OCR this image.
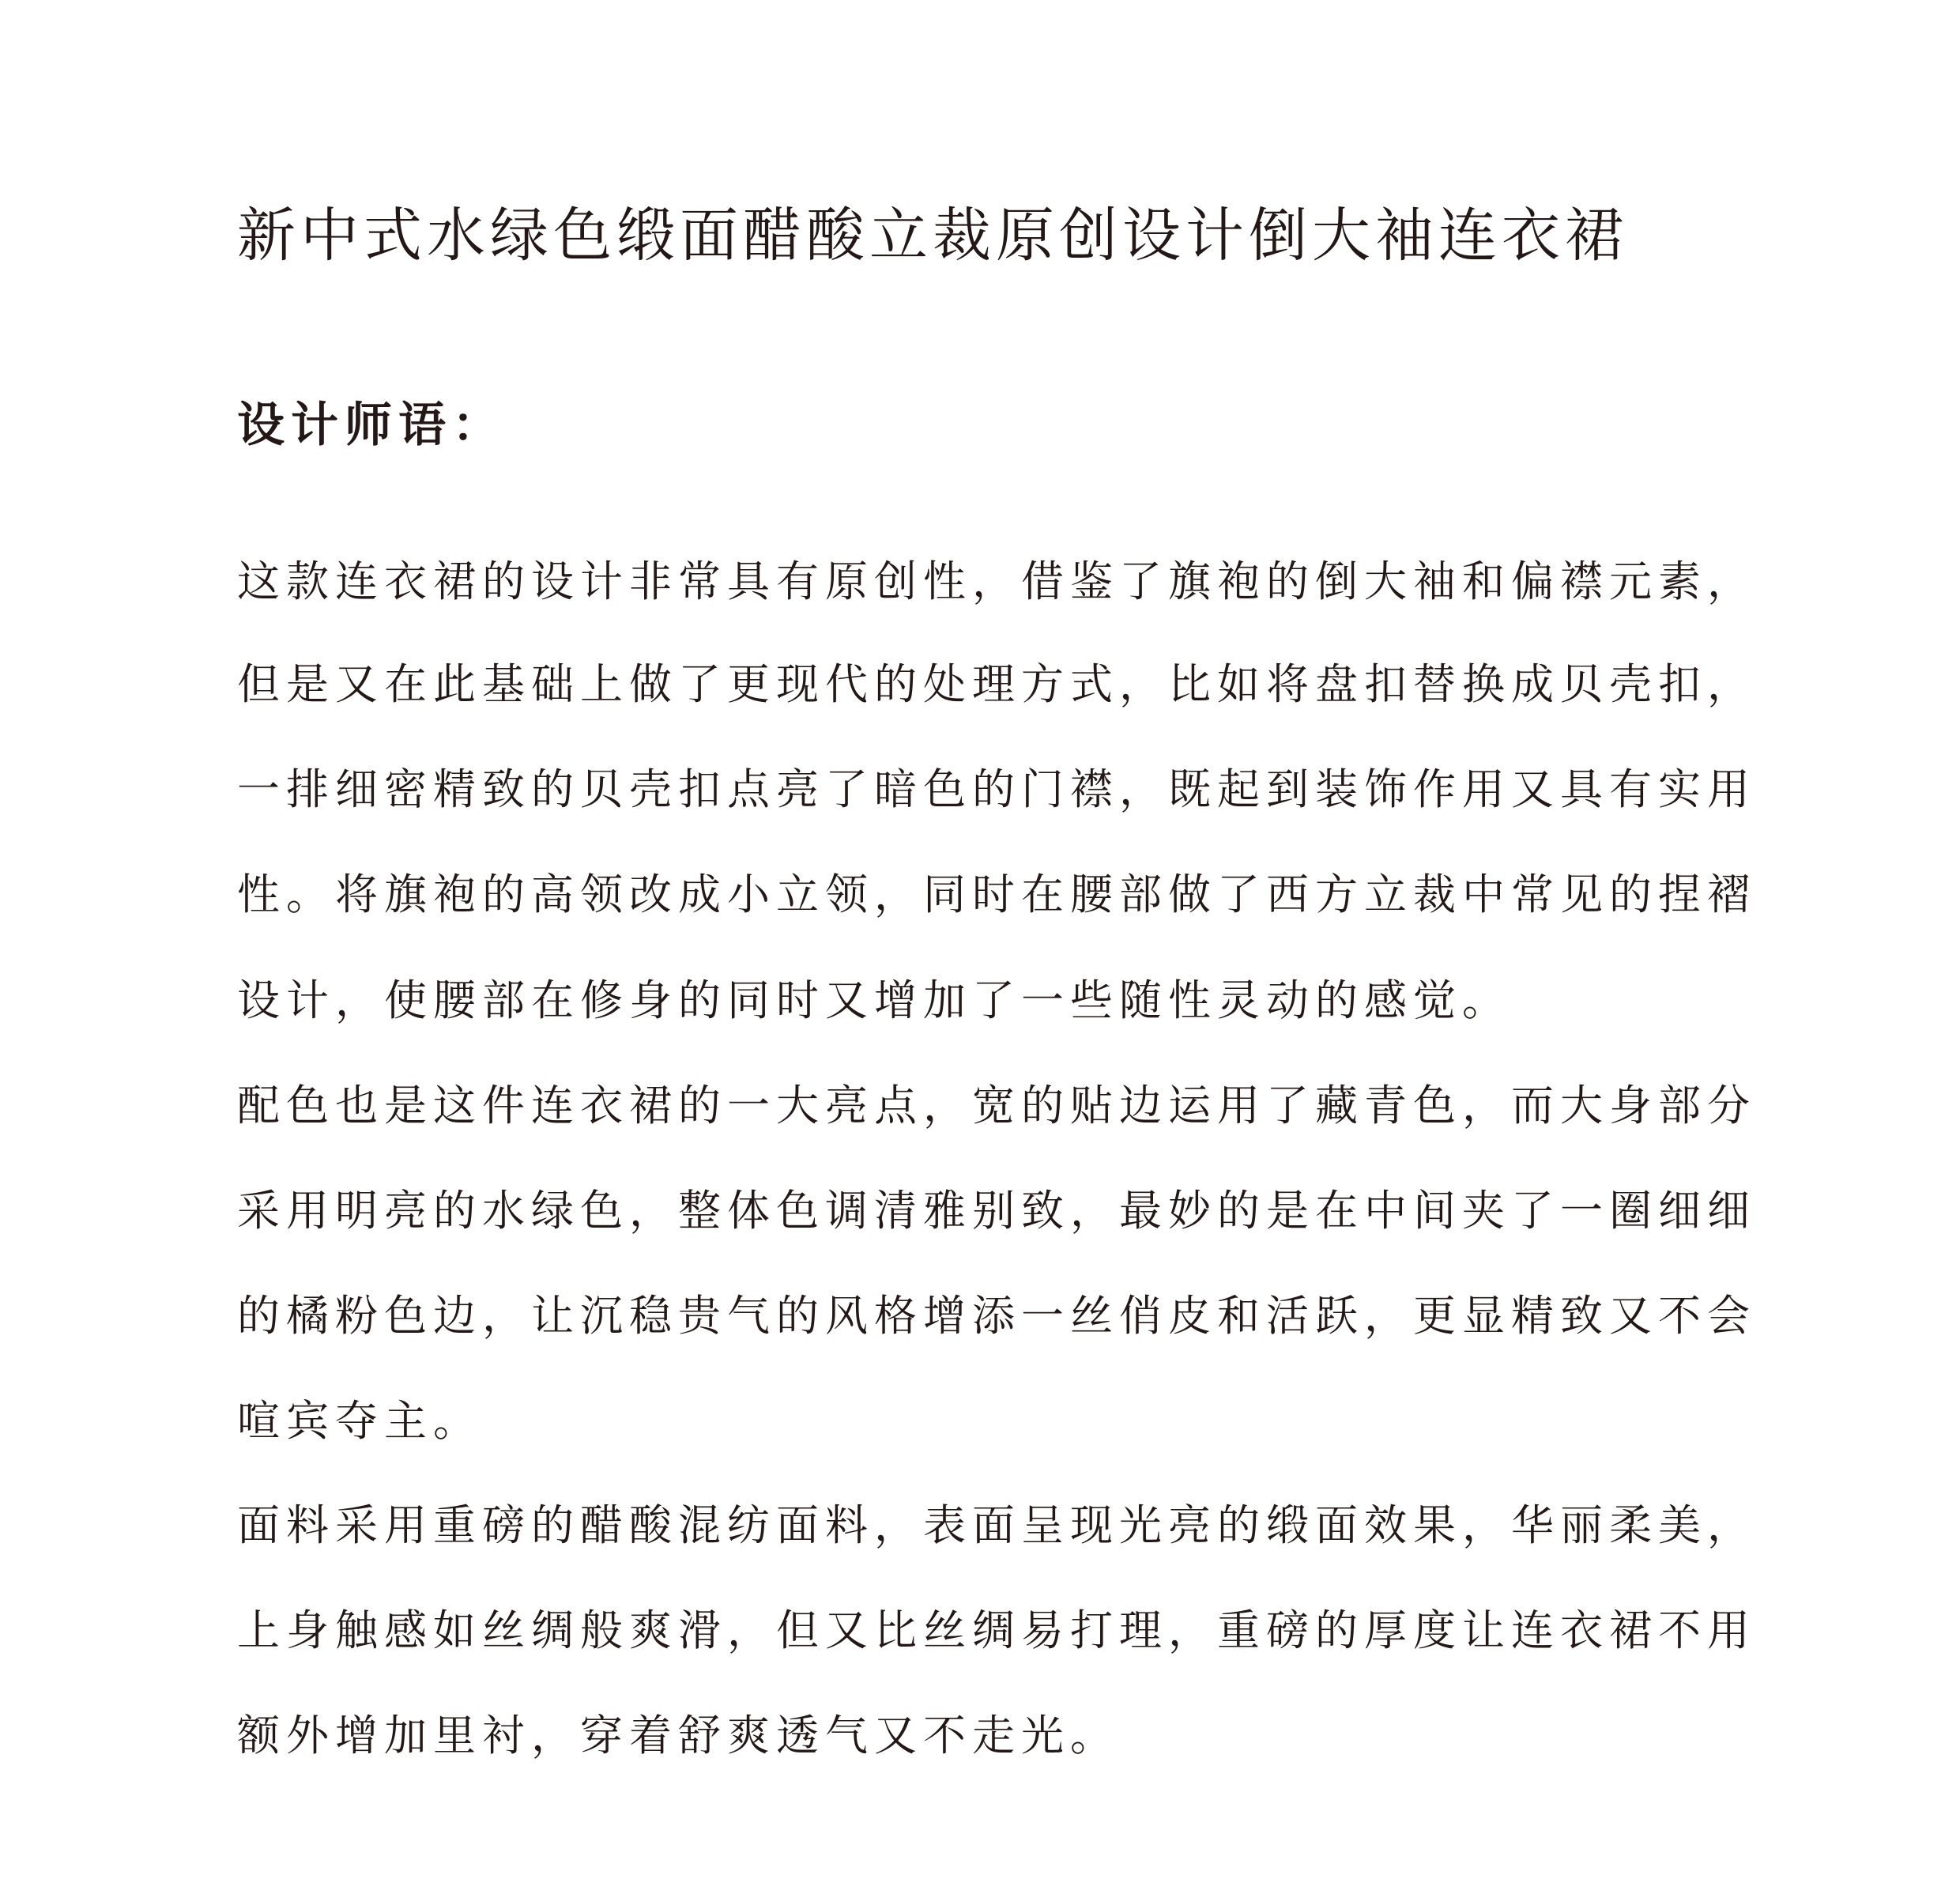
新中式水绿色缎面醋酸立裁原创设计倒大袖连衣裙
设计师语：

这款连衣裙的设计非常具有原创性，借鉴了旗袍的倒大袖和偏襟元素，

但是又在此基础上做了更现代的处理方式，比如将盘扣替换成贝壳扣，

一排细密精致的贝壳扣点亮了暗色的门襟，既起到装饰作用又具有实用

性。将旗袍的高领改成小立领，同时在腰部做了西方立裁中常见的捏褶

设计，使腰部在修身的同时又增加了一些随性灵动的感觉。

配色也是这件连衣裙的一大亮点，宽的贴边运用了藏青色，而大身部分

采用明亮的水绿色，整体色调清雅别致，最妙的是在中间夹了一圈细细

的橘粉色边，让沉稳贵气的风格增添一丝俏皮和活跃，更显精致又不会

喧宾夺主。

面料采用重磅的醋酸混纺面料，表面呈现光亮的缎面效果，华丽柔美，

上身触感如丝绸般爽滑，但又比丝绸易打理，重磅的厚度让连衣裙不用

额外增加里衬，穿着舒爽透气又不走光。
